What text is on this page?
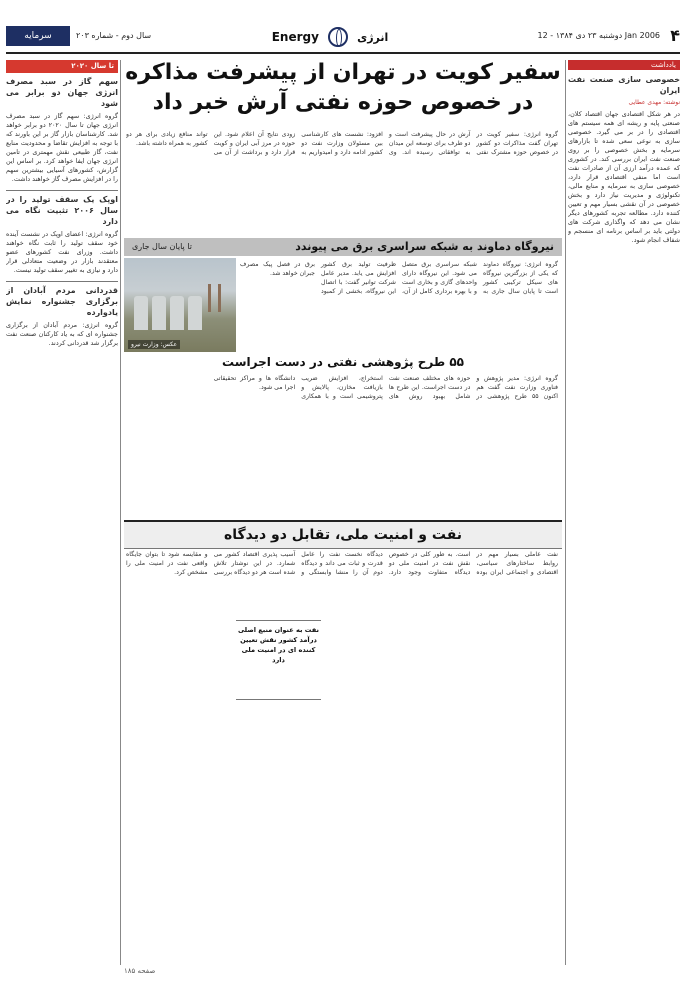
سرمایه	سال دوم - شماره ۲۰۳	Energy	انرژی	دوشنبه ۲۳ دی ۱۳۸۴ - 12 Jan 2006 ۴
یادداشت
خصوصی سازی صنعت نفت ایران
نوشته: مهدی عطایی
در هر شکل اقتصادی جهان اقتصاد کلان، صنعتی پایه و ریشه ای همه سیستم های اقتصادی را در بر می گیرد. خصوصی سازی به نوعی سعی شده تا بازارهای سرمایه و بخش خصوصی را بر روی صنعت نفت ایران بررسی کند. در کشوری که عمده درآمد ارزی آن از صادرات نفت است اما منفی اقتصادی قرار دارد، خصوصی سازی به سرمایه و منابع مالی، تکنولوژی و مدیریت نیاز دارد و بخش خصوصی در آن نقشی بسیار مهم و تعیین کننده دارد. مطالعه تجربه کشورهای دیگر نشان می دهد که واگذاری شرکت های دولتی باید بر اساس برنامه ای منسجم و شفاف انجام شود.
سفیر کویت در تهران از پیشرفت مذاکره در خصوص حوزه نفتی آرش خبر داد
گروه انرژی: سفیر کویت در تهران گفت مذاکرات دو کشور در خصوص حوزه مشترک نفتی آرش در حال پیشرفت است و دو طرف برای توسعه این میدان به توافقاتی رسیده اند. وی افزود: نشست های کارشناسی بین مسئولان وزارت نفت دو کشور ادامه دارد و امیدواریم به زودی نتایج آن اعلام شود. این حوزه در مرز آبی ایران و کویت قرار دارد و برداشت از آن می تواند منافع زیادی برای هر دو کشور به همراه داشته باشد.
نیروگاه دماوند به شبکه سراسری برق می پیوندد
تا پایان سال جاری
عکس: وزارت نیرو
گروه انرژی: نیروگاه دماوند که یکی از بزرگترین نیروگاه های سیکل ترکیبی کشور است تا پایان سال جاری به شبکه سراسری برق متصل می شود. این نیروگاه دارای واحدهای گازی و بخاری است و با بهره برداری کامل از آن، ظرفیت تولید برق کشور افزایش می یابد. مدیر عامل شرکت توانیر گفت: با اتصال این نیروگاه، بخشی از کمبود برق در فصل پیک مصرف جبران خواهد شد.
۵۵ طرح پژوهشی نفتی در دست اجراست
گروه انرژی: مدیر پژوهش و فناوری وزارت نفت گفت هم اکنون ۵۵ طرح پژوهشی در حوزه های مختلف صنعت نفت در دست اجراست. این طرح ها شامل بهبود روش های استخراج، افزایش ضریب بازیافت مخازن، پالایش و پتروشیمی است و با همکاری دانشگاه ها و مراکز تحقیقاتی اجرا می شود.
نفت و امنیت ملی، تقابل دو دیدگاه
نفت عاملی بسیار مهم در روابط ساختارهای سیاسی، اقتصادی و اجتماعی ایران بوده است. به طور کلی در خصوص نقش نفت در امنیت ملی دو دیدگاه متفاوت وجود دارد. دیدگاه نخست نفت را عامل قدرت و ثبات می داند و دیدگاه دوم آن را منشا وابستگی و آسیب پذیری اقتصاد کشور می شمارد. در این نوشتار تلاش شده است هر دو دیدگاه بررسی و مقایسه شود تا بتوان جایگاه واقعی نفت در امنیت ملی را مشخص کرد.
نفت به عنوان منبع اصلی درآمد کشور نقش تعیین کننده ای در امنیت ملی دارد
تا سال ۲۰۲۰
سهم گاز در سبد مصرف انرژی جهان دو برابر می شود
گروه انرژی: سهم گاز در سبد مصرف انرژی جهان تا سال ۲۰۲۰ دو برابر خواهد شد. کارشناسان بازار گاز بر این باورند که با توجه به افزایش تقاضا و محدودیت منابع نفت، گاز طبیعی نقش مهمتری در تامین انرژی جهان ایفا خواهد کرد. بر اساس این گزارش، کشورهای آسیایی بیشترین سهم را در افزایش مصرف گاز خواهند داشت.
اوپک یک سقف تولید را در سال ۲۰۰۶ تثبیت نگاه می دارد
گروه انرژی: اعضای اوپک در نشست آینده خود سقف تولید را ثابت نگاه خواهند داشت. وزرای نفت کشورهای عضو معتقدند بازار در وضعیت متعادلی قرار دارد و نیازی به تغییر سقف تولید نیست.
قدردانی مردم آبادان از برگزاری جشنواره نمایش یادوارده
گروه انرژی: مردم آبادان از برگزاری جشنواره ای که به یاد کارکنان صنعت نفت برگزار شد قدردانی کردند.
صفحه ۱۸۵
